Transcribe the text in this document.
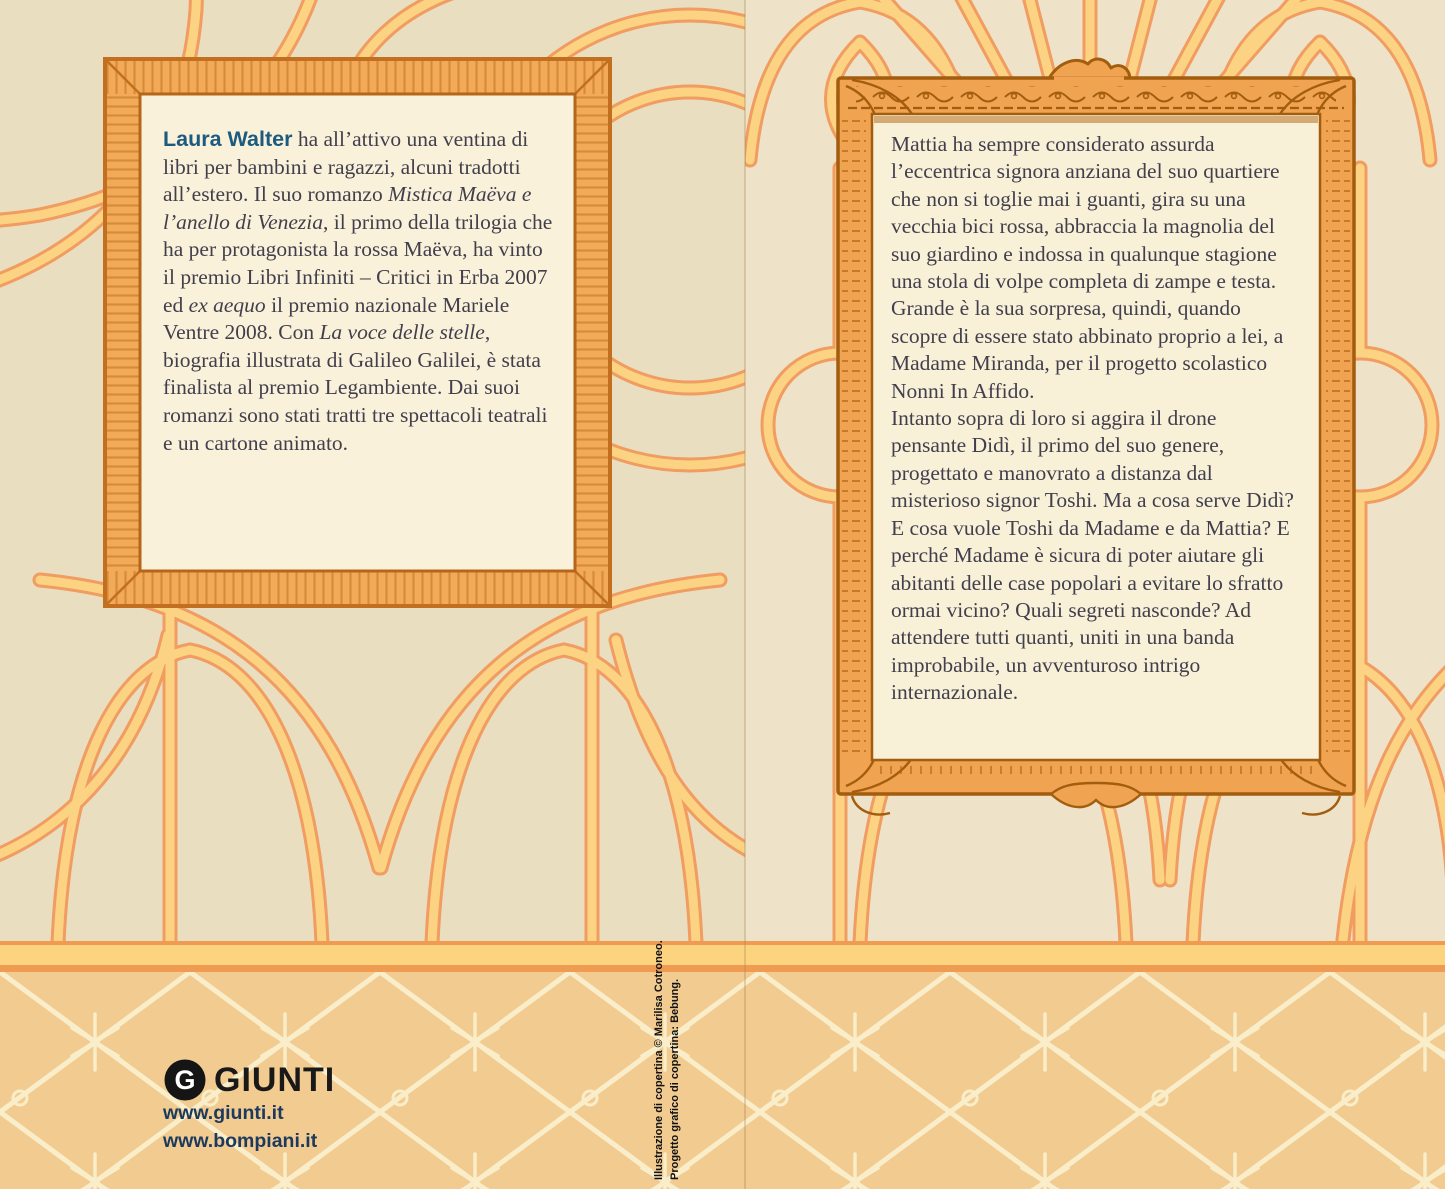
Laura Walter ha all’attivo una ventina di libri per bambini e ragazzi, alcuni tradotti all’estero. Il suo romanzo Mistica Maëva e l’anello di Venezia, il primo della trilogia che ha per protagonista la rossa Maëva, ha vinto il premio Libri Infiniti – Critici in Erba 2007 ed ex aequo il premio nazionale Mariele Ventre 2008. Con La voce delle stelle, biografia illustrata di Galileo Galilei, è stata finalista al premio Legambiente. Dai suoi romanzi sono stati tratti tre spettacoli teatrali e un cartone animato.

Mattia ha sempre considerato assurda l’eccentrica signora anziana del suo quartiere che non si toglie mai i guanti, gira su una vecchia bici rossa, abbraccia la magnolia del suo giardino e indossa in qualunque stagione una stola di volpe completa di zampe e testa. Grande è la sua sorpresa, quindi, quando scopre di essere stato abbinato proprio a lei, a Madame Miranda, per il progetto scolastico Nonni In Affido.

Intanto sopra di loro si aggira il drone pensante Didì, il primo del suo genere, progettato e manovrato a distanza dal misterioso signor Toshi. Ma a cosa serve Didì? E cosa vuole Toshi da Madame e da Mattia? E perché Madame è sicura di poter aiutare gli abitanti delle case popolari a evitare lo sfratto ormai vicino? Quali segreti nasconde? Ad attendere tutti quanti, uniti in una banda improbabile, un avventuroso intrigo internazionale.

Illustrazione di copertina © Marilisa Cotroneo. Progetto grafico di copertina: Bebung.
G GIUNTI
www.giunti.it
www.bompiani.it
